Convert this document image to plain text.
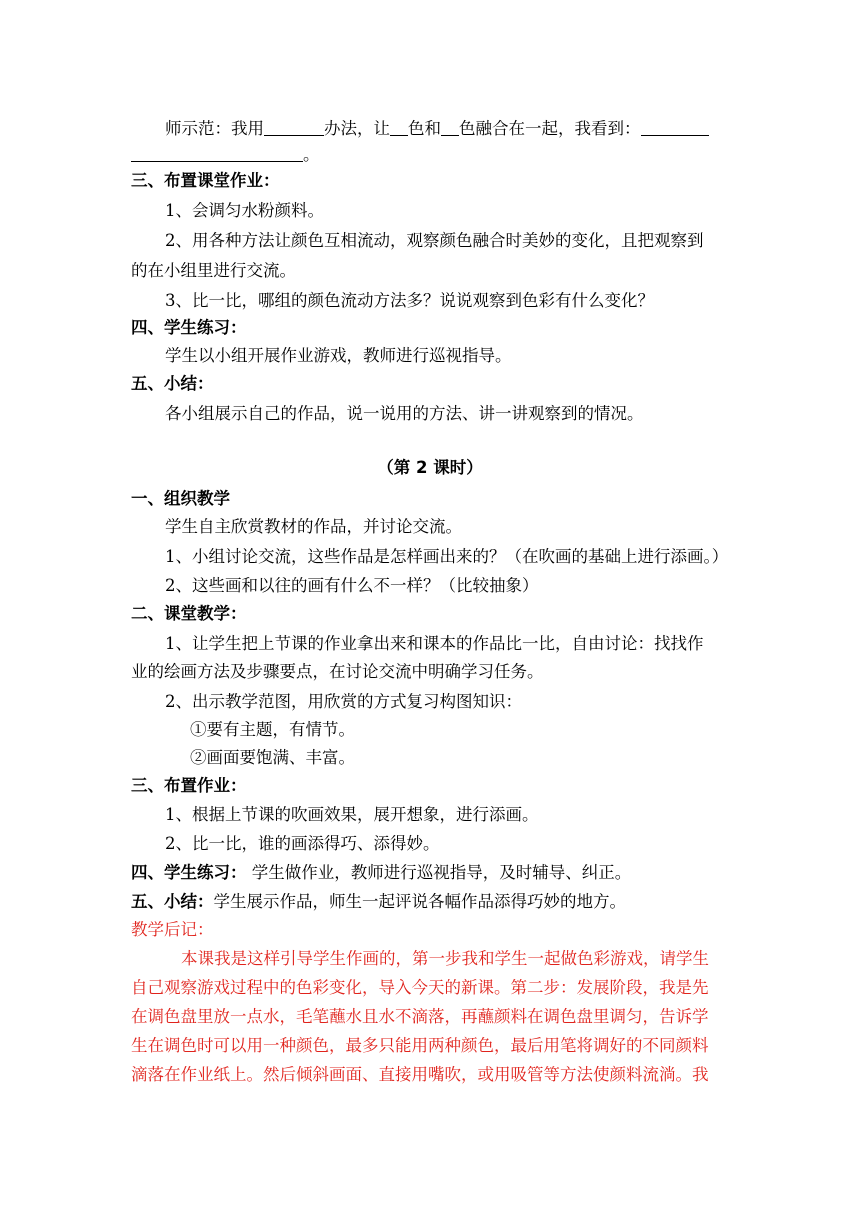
师示范：我用	办法，让 色和 色融合在一起，我看到：
。
三、布置课堂作业：
1、会调匀水粉颜料。
2、用各种方法让颜色互相流动，观察颜色融合时美妙的变化，且把观察到
的在小组里进行交流。
3、比一比，哪组的颜色流动方法多？说说观察到色彩有什么变化？
四、学生练习：
学生以小组开展作业游戏，教师进行巡视指导。
五、小结：
各小组展示自己的作品，说一说用的方法、讲一讲观察到的情况。
（第 2 课时）
一、组织教学
学生自主欣赏教材的作品，并讨论交流。
1、小组讨论交流，这些作品是怎样画出来的？（在吹画的基础上进行添画。）
2、这些画和以往的画有什么不一样？（比较抽象）
二、课堂教学：
1、让学生把上节课的作业拿出来和课本的作品比一比，自由讨论：找找作
业的绘画方法及步骤要点，在讨论交流中明确学习任务。
2、出示教学范图，用欣赏的方式复习构图知识：
①要有主题，有情节。
②画面要饱满、丰富。
三、布置作业：
1、根据上节课的吹画效果，展开想象，进行添画。
2、比一比，谁的画添得巧、添得妙。
四、学生练习： 学生做作业，教师进行巡视指导，及时辅导、纠正。
五、小结：学生展示作品，师生一起评说各幅作品添得巧妙的地方。
教学后记：
本课我是这样引导学生作画的，第一步我和学生一起做色彩游戏，请学生
自己观察游戏过程中的色彩变化，导入今天的新课。第二步：发展阶段，我是先
在调色盘里放一点水，毛笔蘸水且水不滴落，再蘸颜料在调色盘里调匀，告诉学
生在调色时可以用一种颜色，最多只能用两种颜色，最后用笔将调好的不同颜料
滴落在作业纸上。然后倾斜画面、直接用嘴吹，或用吸管等方法使颜料流淌。我
